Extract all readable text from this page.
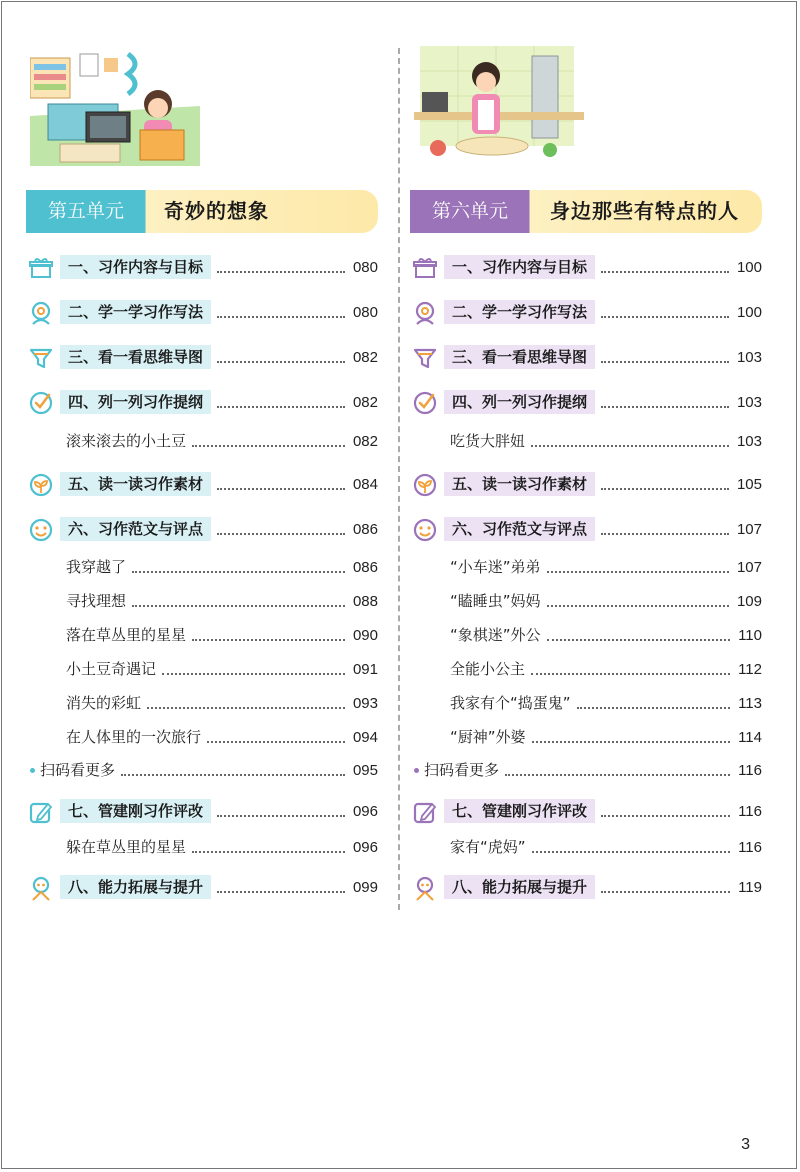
第五单元	奇妙的想象
一、习作内容与目标	080
二、学一学习作写法	080
三、看一看思维导图	082
四、列一列习作提纲	082
滚来滚去的小土豆	082
五、读一读习作素材	084
六、习作范文与评点	086
我穿越了	086
寻找理想	088
落在草丛里的星星	090
小土豆奇遇记	091
消失的彩虹	093
在人体里的一次旅行	094
扫码看更多	095
七、管建刚习作评改	096
躲在草丛里的星星	096
八、能力拓展与提升	099
第六单元	身边那些有特点的人
一、习作内容与目标	100
二、学一学习作写法	100
三、看一看思维导图	103
四、列一列习作提纲	103
吃货大胖妞	103
五、读一读习作素材	105
六、习作范文与评点	107
“小车迷”弟弟	107
“瞌睡虫”妈妈	109
“象棋迷”外公	110
全能小公主	112
我家有个“捣蛋鬼”	113
“厨神”外婆	114
扫码看更多	116
七、管建刚习作评改	116
家有“虎妈”	116
八、能力拓展与提升	119
3
